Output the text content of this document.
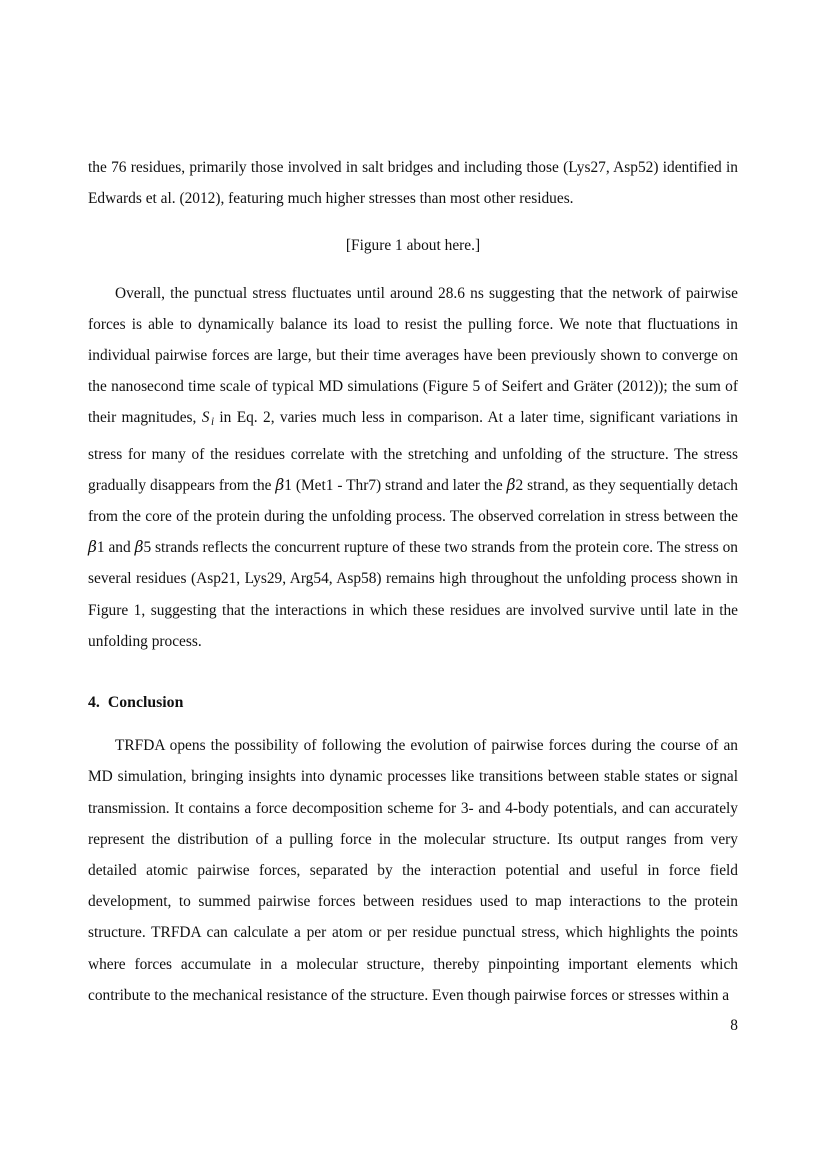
the 76 residues, primarily those involved in salt bridges and including those (Lys27, Asp52) identified in Edwards et al. (2012), featuring much higher stresses than most other residues.

[Figure 1 about here.]

Overall, the punctual stress fluctuates until around 28.6 ns suggesting that the network of pairwise forces is able to dynamically balance its load to resist the pulling force. We note that fluctuations in individual pairwise forces are large, but their time averages have been previously shown to converge on the nanosecond time scale of typical MD simulations (Figure 5 of Seifert and Gräter (2012)); the sum of their magnitudes, S i in Eq. 2, varies much less in comparison. At a later time, significant variations in stress for many of the residues correlate with the stretching and unfolding of the structure. The stress gradually disappears from the β1 (Met1 - Thr7) strand and later the β2 strand, as they sequentially detach from the core of the protein during the unfolding process. The observed correlation in stress between the β1 and β5 strands reflects the concurrent rupture of these two strands from the protein core. The stress on several residues (Asp21, Lys29, Arg54, Asp58) remains high throughout the unfolding process shown in Figure 1, suggesting that the interactions in which these residues are involved survive until late in the unfolding process.

4. Conclusion

TRFDA opens the possibility of following the evolution of pairwise forces during the course of an MD simulation, bringing insights into dynamic processes like transitions between stable states or signal transmission. It contains a force decomposition scheme for 3- and 4-body potentials, and can accurately represent the distribution of a pulling force in the molecular structure. Its output ranges from very detailed atomic pairwise forces, separated by the interaction potential and useful in force field development, to summed pairwise forces between residues used to map interactions to the protein structure. TRFDA can calculate a per atom or per residue punctual stress, which highlights the points where forces accumulate in a molecular structure, thereby pinpointing important elements which contribute to the mechanical resistance of the structure. Even though pairwise forces or stresses within a

8
